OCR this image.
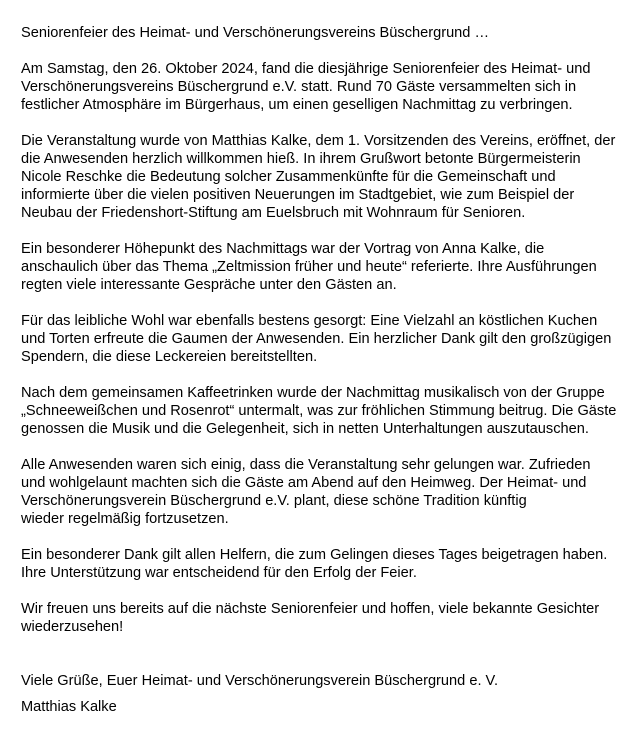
Seniorenfeier des Heimat- und Verschönerungsvereins Büschergrund …
Am Samstag, den 26. Oktober 2024, fand die diesjährige Seniorenfeier des Heimat- und
Verschönerungsvereins Büschergrund e.V. statt. Rund 70 Gäste versammelten sich in
festlicher Atmosphäre im Bürgerhaus, um einen geselligen Nachmittag zu verbringen.
Die Veranstaltung wurde von Matthias Kalke, dem 1. Vorsitzenden des Vereins, eröffnet, der
die Anwesenden herzlich willkommen hieß. In ihrem Grußwort betonte Bürgermeisterin
Nicole Reschke die Bedeutung solcher Zusammenkünfte für die Gemeinschaft und
informierte über die vielen positiven Neuerungen im Stadtgebiet, wie zum Beispiel der
Neubau der Friedenshort-Stiftung am Euelsbruch mit Wohnraum für Senioren.
Ein besonderer Höhepunkt des Nachmittags war der Vortrag von Anna Kalke, die
anschaulich über das Thema „Zeltmission früher und heute“ referierte. Ihre Ausführungen
regten viele interessante Gespräche unter den Gästen an.
Für das leibliche Wohl war ebenfalls bestens gesorgt: Eine Vielzahl an köstlichen Kuchen
und Torten erfreute die Gaumen der Anwesenden. Ein herzlicher Dank gilt den großzügigen
Spendern, die diese Leckereien bereitstellten.
Nach dem gemeinsamen Kaffeetrinken wurde der Nachmittag musikalisch von der Gruppe
„Schneeweißchen und Rosenrot“ untermalt, was zur fröhlichen Stimmung beitrug. Die Gäste
genossen die Musik und die Gelegenheit, sich in netten Unterhaltungen auszutauschen.
Alle Anwesenden waren sich einig, dass die Veranstaltung sehr gelungen war. Zufrieden
und wohlgelaunt machten sich die Gäste am Abend auf den Heimweg. Der Heimat- und
Verschönerungsverein Büschergrund e.V. plant, diese schöne Tradition künftig
wieder regelmäßig fortzusetzen.
Ein besonderer Dank gilt allen Helfern, die zum Gelingen dieses Tages beigetragen haben.
Ihre Unterstützung war entscheidend für den Erfolg der Feier.
Wir freuen uns bereits auf die nächste Seniorenfeier und hoffen, viele bekannte Gesichter
wiederzusehen!
Viele Grüße, Euer Heimat- und Verschönerungsverein Büschergrund e. V.
Matthias Kalke
